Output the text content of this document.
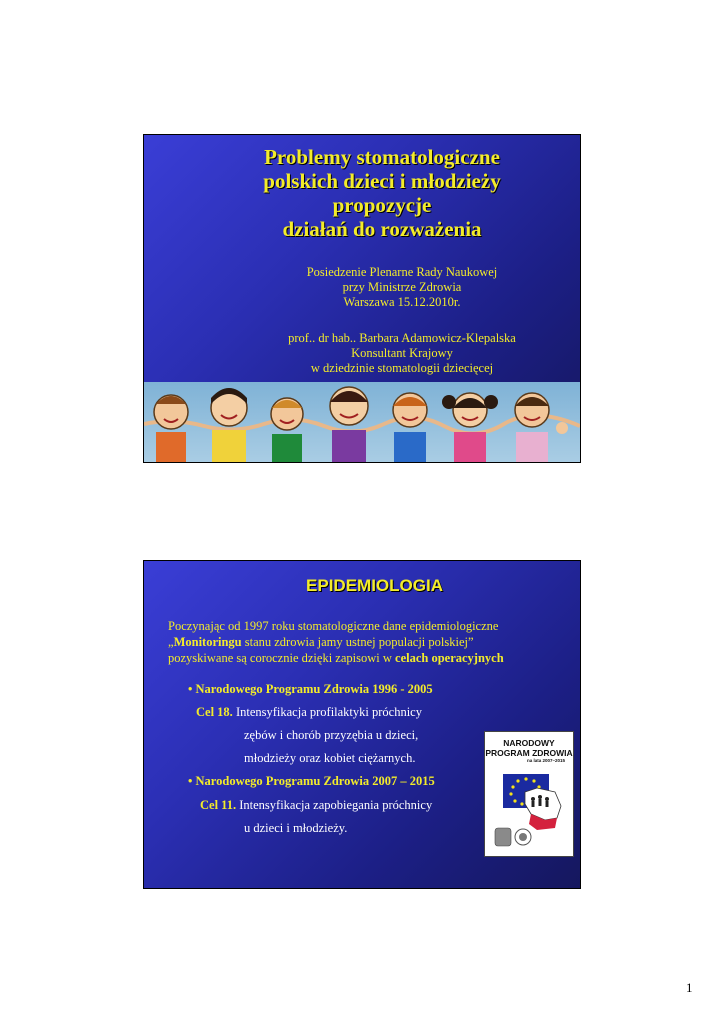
Problemy stomatologiczne
polskich dzieci i młodzieży
propozycje
działań do rozważenia
Posiedzenie Plenarne Rady Naukowej
przy Ministrze Zdrowia
Warszawa 15.12.2010r.
prof.. dr hab.. Barbara Adamowicz-Klepalska
Konsultant Krajowy
w dziedzinie stomatologii dziecięcej
EPIDEMIOLOGIA
Poczynając od 1997 roku stomatologiczne dane epidemiologiczne
„Monitoringu stanu zdrowia jamy ustnej populacji polskiej”
pozyskiwane są corocznie dzięki zapisowi w celach operacyjnych
• Narodowego Programu Zdrowia 1996 - 2005
Cel 18. Intensyfikacja profilaktyki próchnicy
zębów i chorób przyzębia u dzieci,
młodzieży oraz kobiet ciężarnych.
• Narodowego Programu Zdrowia 2007 – 2015
Cel 11. Intensyfikacja zapobiegania próchnicy
u dzieci i młodzieży.
NARODOWY
PROGRAM ZDROWIA
na lata 2007–2015
1
